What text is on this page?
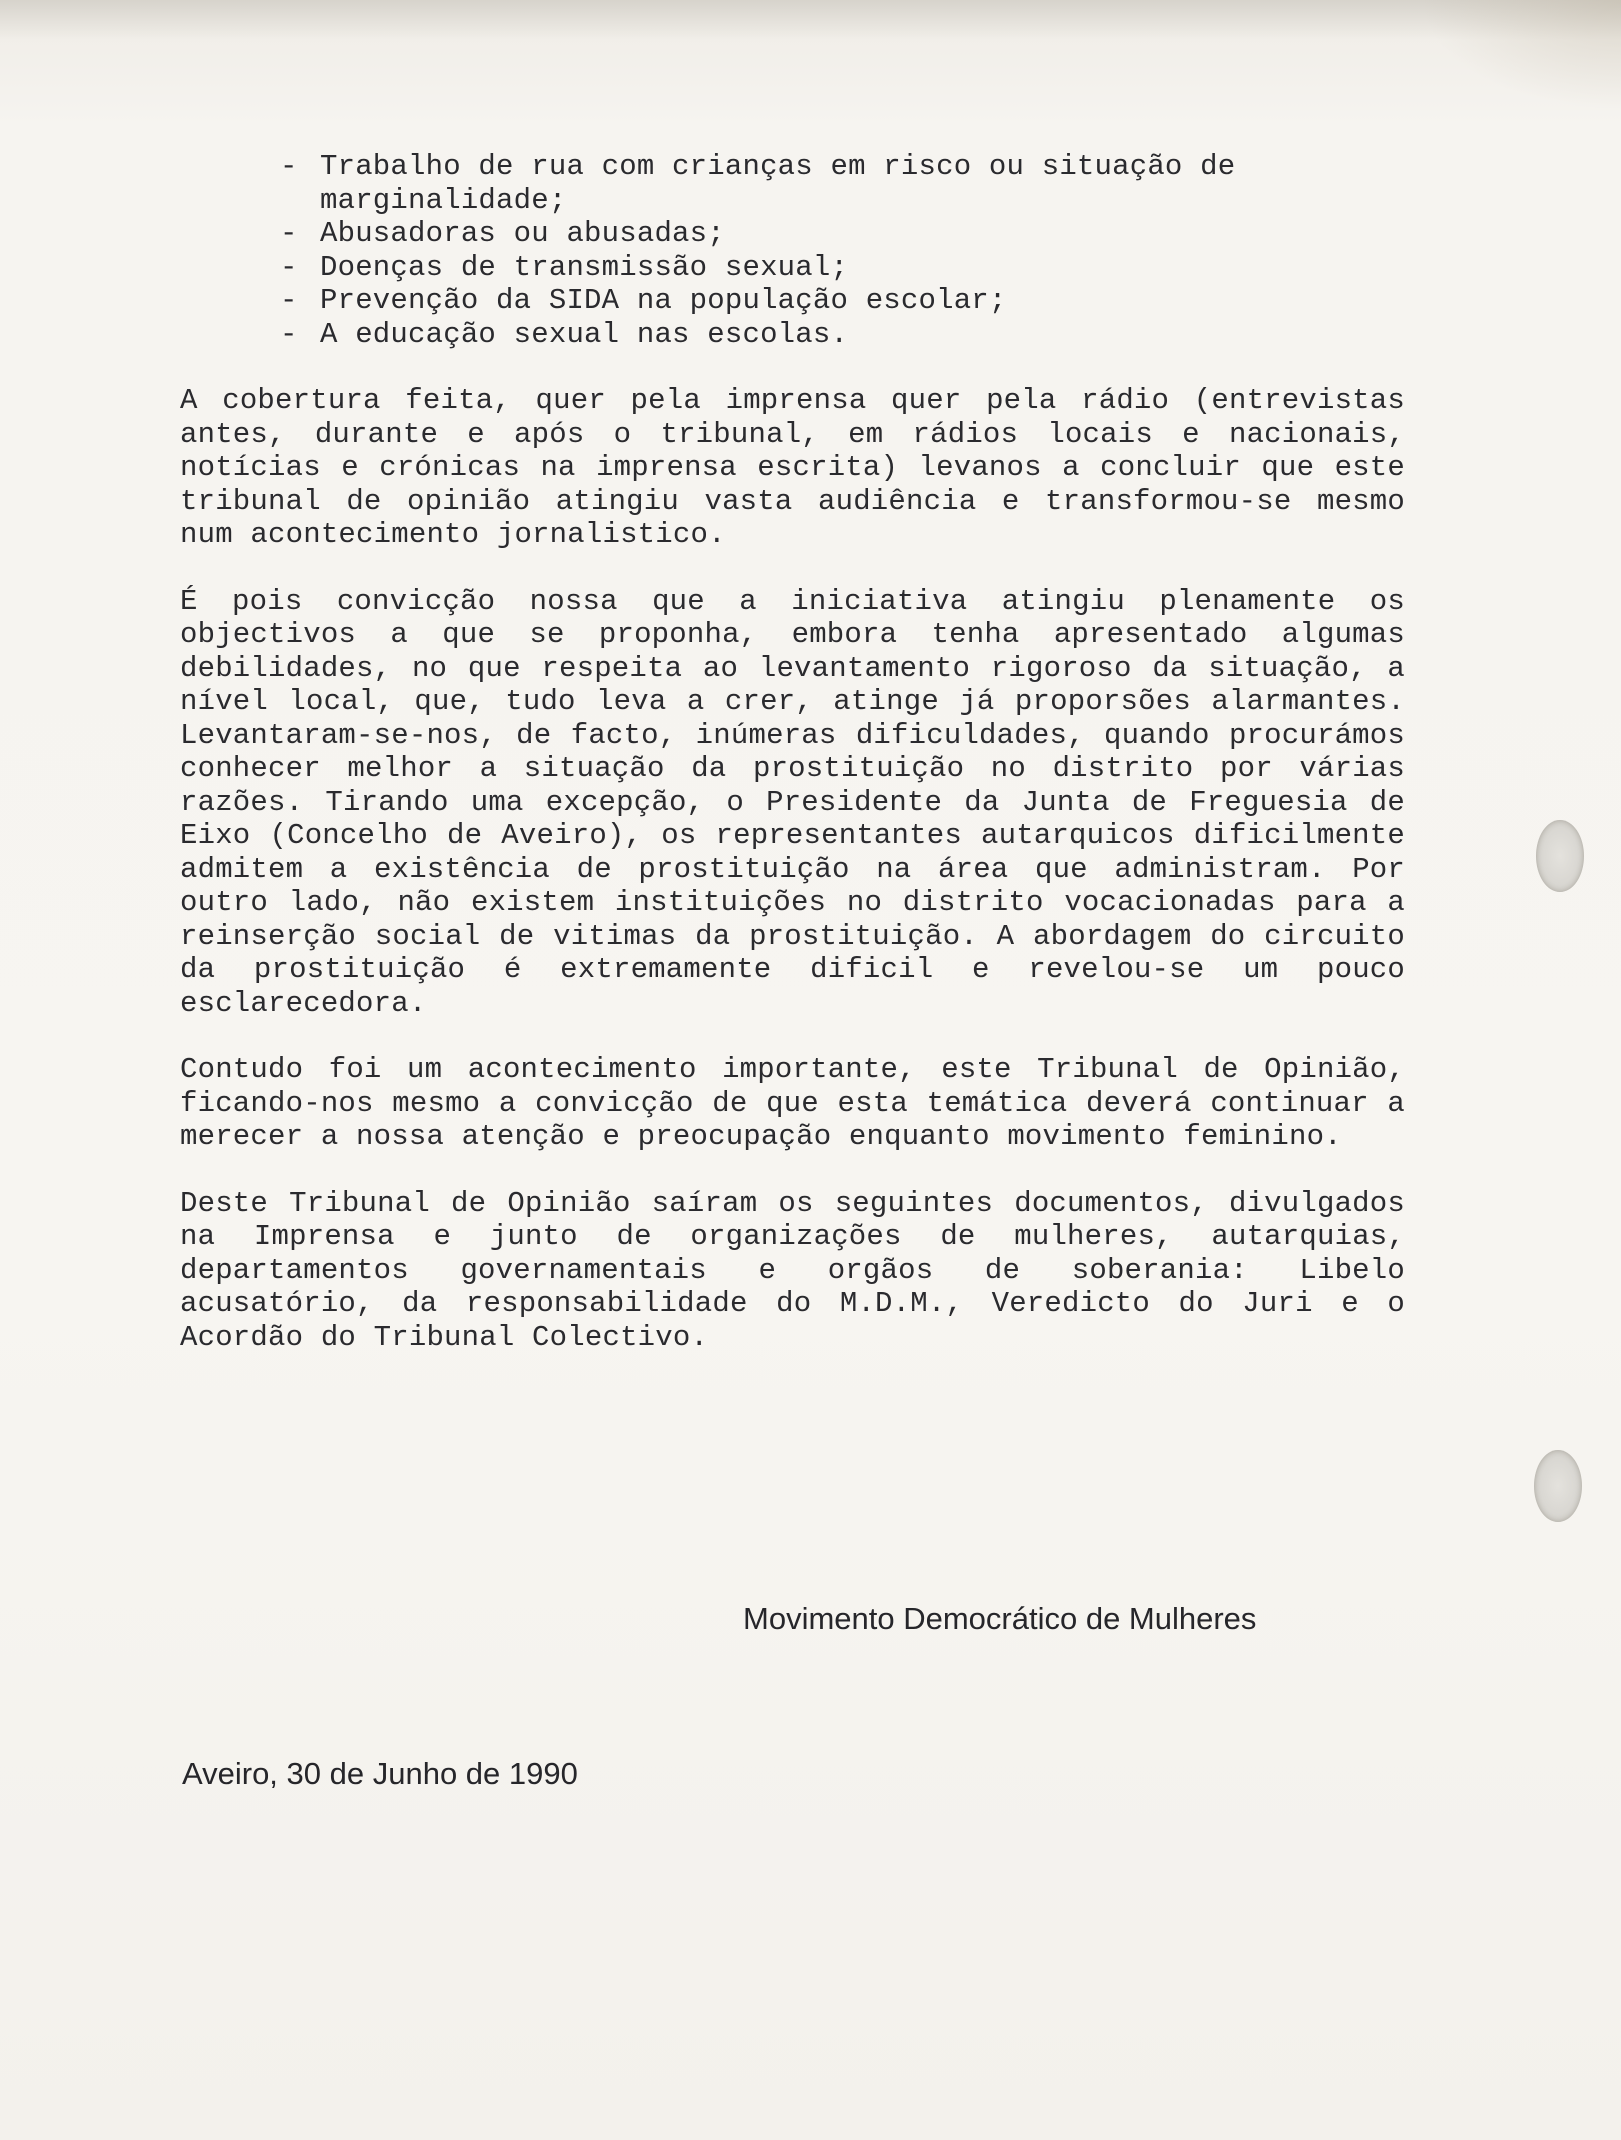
- Trabalho de rua com crianças em risco ou situação de marginalidade;
- Abusadoras ou abusadas;
- Doenças de transmissão sexual;
- Prevenção da SIDA na população escolar;
- A educação sexual nas escolas.

A cobertura feita, quer pela imprensa quer pela rádio (entrevistas antes, durante e após o tribunal, em rádios locais e nacionais, notícias e crónicas na imprensa escrita) levanos a concluir que este tribunal de opinião atingiu vasta audiência e transformou-se mesmo num acontecimento jornalistico.

É pois convicção nossa que a iniciativa atingiu plenamente os objectivos a que se proponha, embora tenha apresentado algumas debilidades, no que respeita ao levantamento rigoroso da situação, a nível local, que, tudo leva a crer, atinge já proporsões alarmantes. Levantaram-se-nos, de facto, inúmeras dificuldades, quando procurámos conhecer melhor a situação da prostituição no distrito por várias razões. Tirando uma excepção, o Presidente da Junta de Freguesia de Eixo (Concelho de Aveiro), os representantes autarquicos dificilmente admitem a existência de prostituição na área que administram. Por outro lado, não existem instituições no distrito vocacionadas para a reinserção social de vitimas da prostituição. A abordagem do circuito da prostituição é extremamente dificil e revelou-se um pouco esclarecedora.

Contudo foi um acontecimento importante, este Tribunal de Opinião, ficando-nos mesmo a convicção de que esta temática deverá continuar a merecer a nossa atenção e preocupação enquanto movimento feminino.

Deste Tribunal de Opinião saíram os seguintes documentos, divulgados na Imprensa e junto de organizações de mulheres, autarquias, departamentos governamentais e orgãos de soberania: Libelo acusatório, da responsabilidade do M.D.M., Veredicto do Juri e o Acordão do Tribunal Colectivo.

Movimento Democrático de Mulheres
Aveiro, 30 de Junho de 1990
